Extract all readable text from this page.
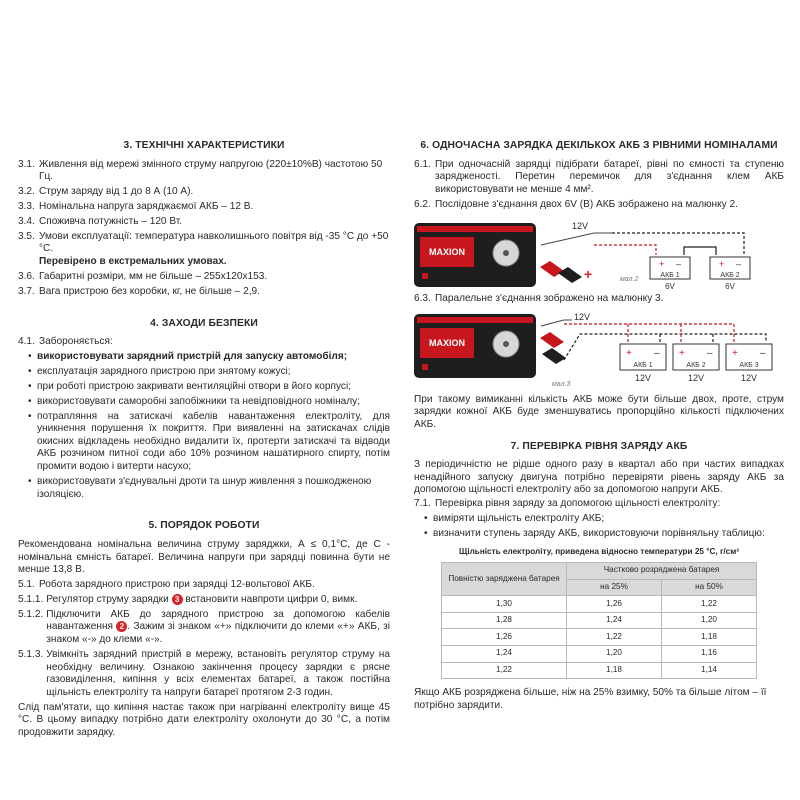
3. ТЕХНІЧНІ ХАРАКТЕРИСТИКИ
3.1. Живлення від мережі змінного струму напругою (220±10%В) частотою 50 Гц.
3.2. Струм заряду від 1 до 8 А (10 А).
3.3. Номінальна напруга заряджаємої АКБ – 12 В.
3.4. Споживча потужність – 120 Вт.
3.5. Умови експлуатації: температура навколишнього повітря від -35 °С до +50 °С.
Перевірено в екстремальних умовах.
3.6. Габаритні розміри, мм не більше – 255х120х153.
3.7. Вага пристрою без коробки, кг, не більше – 2,9.
4. ЗАХОДИ БЕЗПЕКИ
4.1. Забороняється:
• використовувати зарядний пристрій для запуску автомобіля;
• експлуатація зарядного пристрою при знятому кожусі;
• при роботі пристрою закривати вентиляційні отвори в його корпусі;
• використовувати саморобні запобіжники та невідповідного номіналу;
• потрапляння на затискачі кабелів навантаження електроліту, для уникнення порушення їх покриття. При виявленні на затискачах слідів окисних відкладень необхідно видалити їх, протерти затискачі та відводи АКБ розчином питної соди або 10% розчином нашатирного спирту, потім промити водою і витерти насухо;
• використовувати з'єднувальні дроти та шнур живлення з пошкодженою ізоляцією.
5. ПОРЯДОК РОБОТИ

Рекомендована номінальна величина струму заряджки, А ≤ 0,1°С, де С - номінальна ємність батареї. Величина напруги при зарядці повинна бути не менше 13,8 В.

5.1. Робота зарядного пристрою при зарядці 12-вольтової АКБ.
5.1.1. Регулятор струму зарядки 3 встановити навпроти цифри 0, вимк.
5.1.2. Підключити АКБ до зарядного пристрою за допомогою кабелів навантаження 2 . Зажим зі знаком «+» підключити до клеми «+» АКБ, зі знаком «-» до клеми «-».
5.1.3. Увімкніть зарядний пристрій в мережу, встановіть регулятор струму на необхідну величину. Ознакою закінчення процесу зарядки є рясне газовиділення, кипіння у всіх елементах батареї, а також постійна щільність електроліту та напруги батареї протягом 2-3 годин.

Слід пам'ятати, що кипіння настає також при нагріванні електроліту вище 45 °С. В цьому випадку потрібно дати електроліту охолонути до 30 °С, а потім продовжити зарядку.

6. ОДНОЧАСНА ЗАРЯДКА ДЕКІЛЬКОХ АКБ З РІВНИМИ НОМІНАЛАМИ
6.1. При одночасній зарядці підібрати батареї, рівні по ємності та ступеню зарядженості. Перетин перемичок для з'єднання клем АКБ використовувати не менше 4 мм².
6.2. Послідовне з'єднання двох 6V (В) АКБ зображено на малюнку 2.
MAXION
12V
+
+ –
АКБ 1
6V
+ –
АКБ 2
6V
мал.2
6.3. Паралельне з'єднання зображено на малюнку 3.
MAXION
12V
+ –
АКБ 1
12V
+ –
АКБ 2
12V
+ –
АКБ 3
12V
мал.3

При такому вимиканні кількість АКБ може бути більше двох, проте, струм зарядки кожної АКБ буде зменшуватись пропорційно кількості підключених АКБ.

7. ПЕРЕВІРКА РІВНЯ ЗАРЯДУ АКБ

З періодичністю не рідше одного разу в квартал або при частих випадках ненадійного запуску двигуна потрібно перевіряти рівень заряду АКБ за допомогою щільності електроліту або за допомогою напруги АКБ.

7.1. Перевірка рівня заряду за допомогою щільності електроліту:
• виміряти щільність електроліту АКБ;
• визначити ступень заряду АКБ, використовуючи порівняльну таблицю:
Щільність електроліту, приведена відносно температури 25 °С, г/см³
Повністю заряджена батарея	Частково розряджена батарея	
	на 25%	на 50%
1,30	1,26	1,22
1,28	1,24	1,20
1,26	1,22	1,18
1,24	1,20	1,16
1,22	1,18	1,14

Якщо АКБ розряджена більше, ніж на 25% взимку, 50% та більше літом – її потрібно зарядити.
